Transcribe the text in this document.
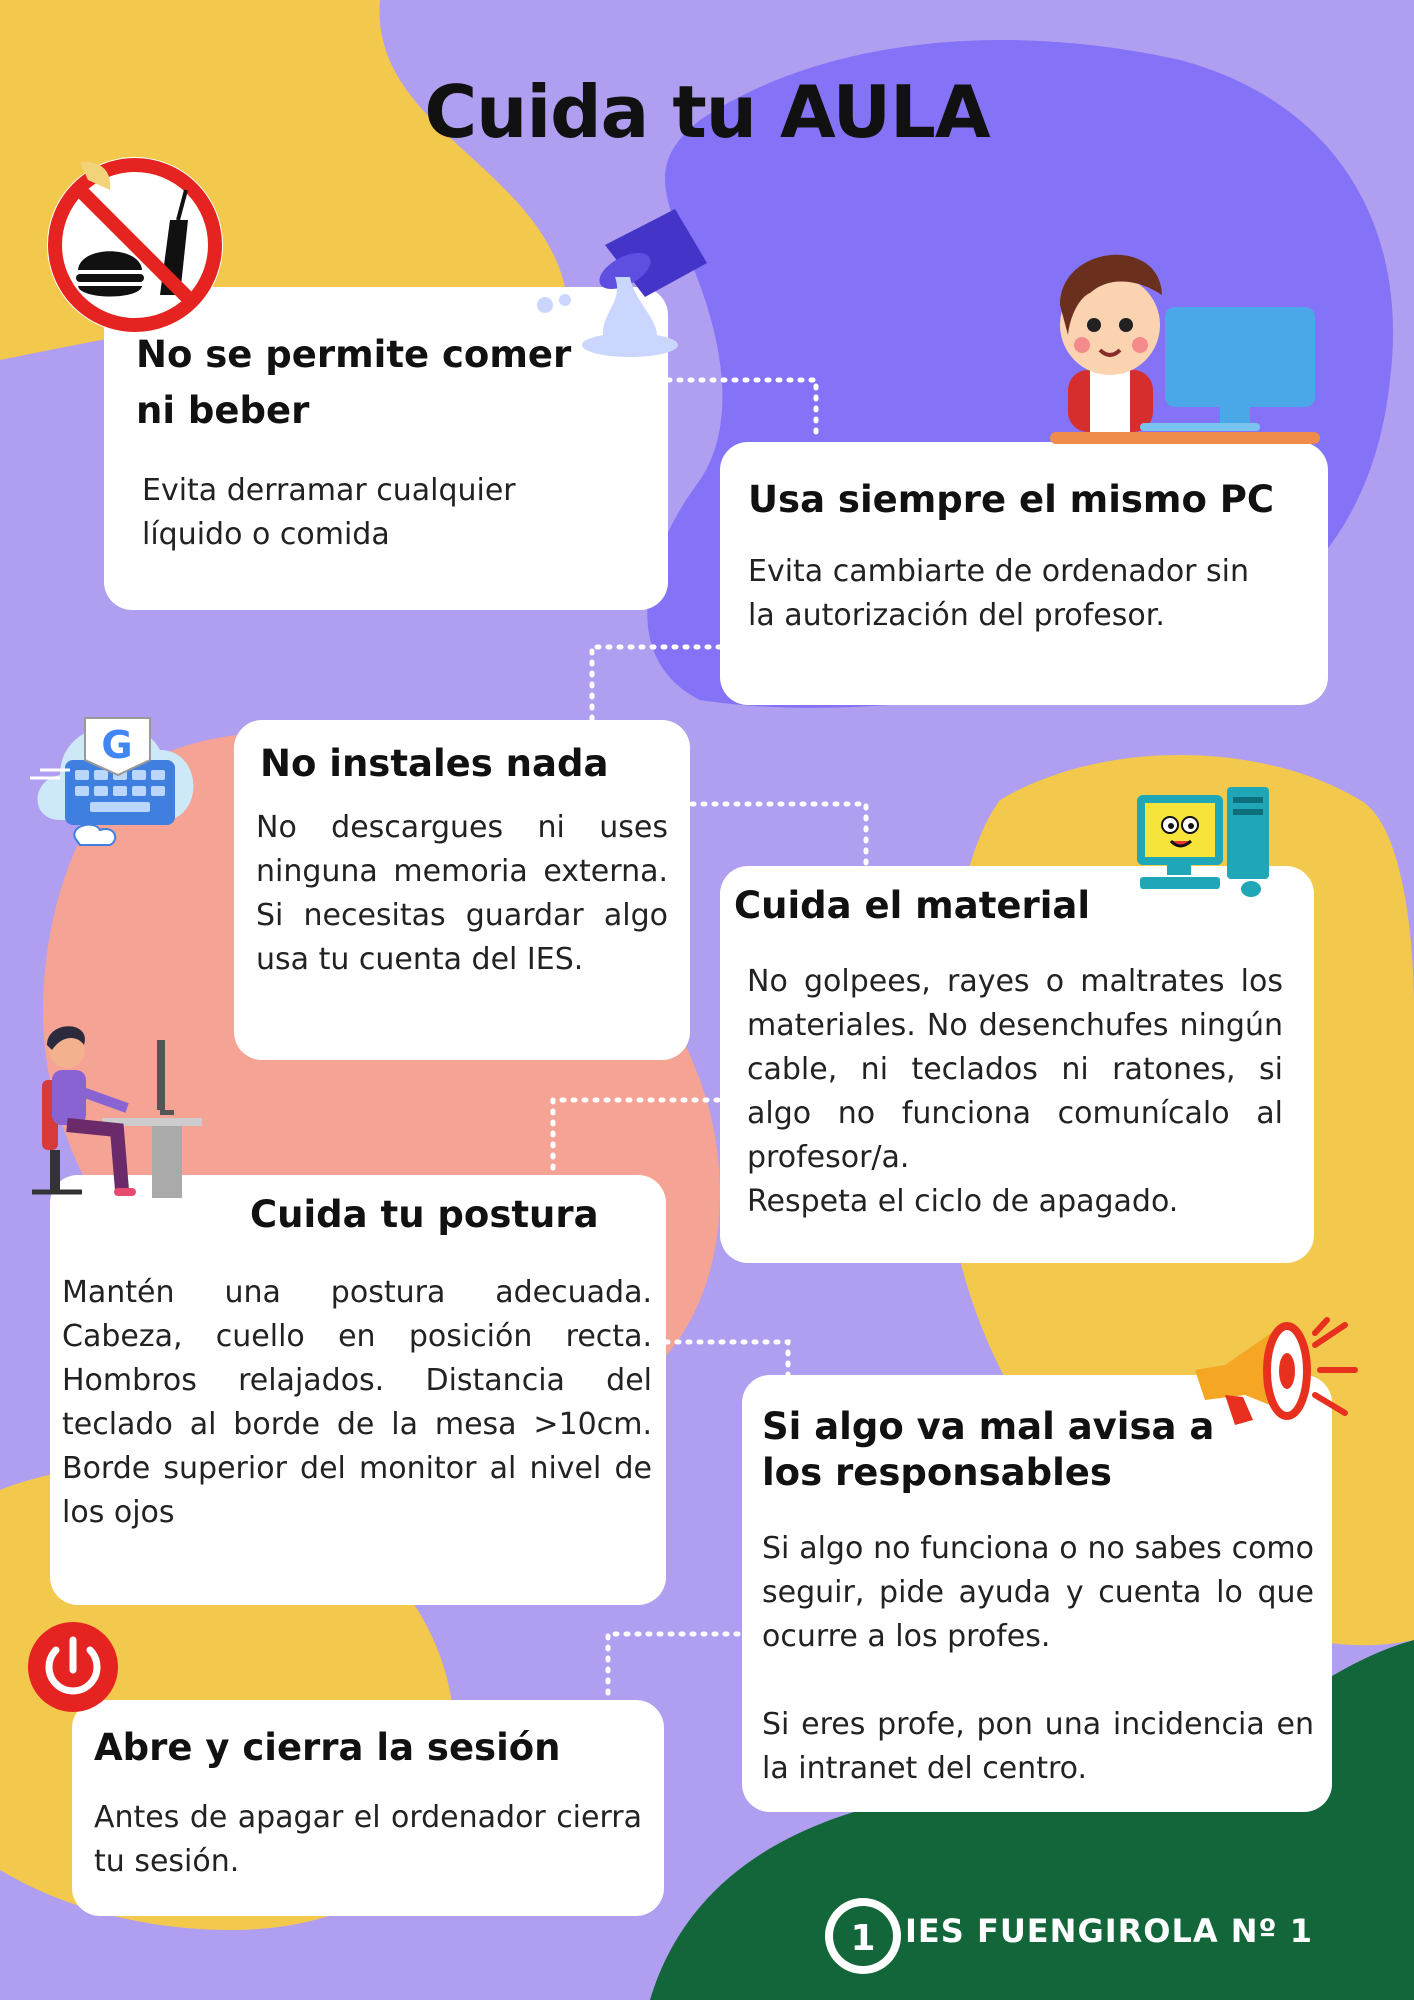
Cuida tu AULA
No se permite comer
ni beber

Evita derramar cualquier

líquido o comida

Usa siempre el mismo PC

Evita cambiarte de ordenador sin

la autorización del profesor.

No instales nada

No descargues ni uses ninguna memoria externa. Si necesitas guardar algo usa tu cuenta del IES.

Cuida el material

No golpees, rayes o maltrates los materiales. No desenchufes ningún cable, ni teclados ni ratones, si algo no funciona comunícalo al profesor/a.

Respeta el ciclo de apagado.

Cuida tu postura

Mantén una postura adecuada. Cabeza, cuello en posición recta. Hombros relajados. Distancia del teclado al borde de la mesa >10cm. Borde superior del monitor al nivel de los ojos

Si algo va mal avisa a
los responsables

Si algo no funciona o no sabes como seguir, pide ayuda y cuenta lo que ocurre a los profes.

Si eres profe, pon una incidencia en la intranet del centro.

Abre y cierra la sesión

Antes de apagar el ordenador cierra tu sesión.

G
1 IES FUENGIROLA Nº 1
